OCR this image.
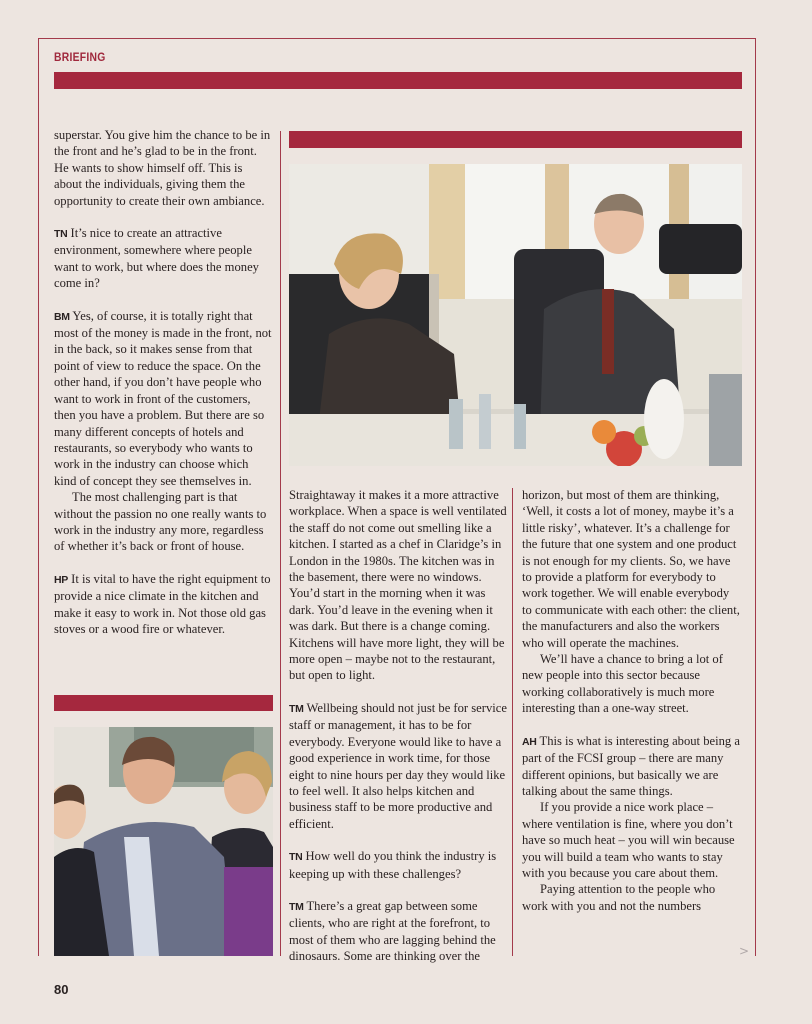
BRIEFING

superstar. You give him the chance to be in the front and he’s glad to be in the front. He wants to show himself off. This is about the individuals, giving them the opportunity to create their own ambiance.

TN It’s nice to create an attractive environment, somewhere where people want to work, but where does the money come in?

BM Yes, of course, it is totally right that most of the money is made in the front, not in the back, so it makes sense from that point of view to reduce the space. On the other hand, if you don’t have people who want to work in front of the customers, then you have a problem. But there are so many different concepts of hotels and restaurants, so everybody who wants to work in the industry can choose which kind of concept they see themselves in.

The most challenging part is that without the passion no one really wants to work in the industry any more, regardless of whether it’s back or front of house.

HP It is vital to have the right equipment to provide a nice climate in the kitchen and make it easy to work in. Not those old gas stoves or a wood fire or whatever.

Straightaway it makes it a more attractive workplace. When a space is well ventilated the staff do not come out smelling like a kitchen. I started as a chef in Claridge’s in London in the 1980s. The kitchen was in the basement, there were no windows. You’d start in the morning when it was dark. You’d leave in the evening when it was dark. But there is a change coming. Kitchens will have more light, they will be more open – maybe not to the restaurant, but open to light.

TM Wellbeing should not just be for service staff or management, it has to be for everybody. Everyone would like to have a good experience in work time, for those eight to nine hours per day they would like to feel well. It also helps kitchen and business staff to be more productive and efficient.

TN How well do you think the industry is keeping up with these challenges?

TM There’s a great gap between some clients, who are right at the forefront, to most of them who are lagging behind the dinosaurs. Some are thinking over the

horizon, but most of them are thinking, ‘Well, it costs a lot of money, maybe it’s a little risky’, whatever. It’s a challenge for the future that one system and one product is not enough for my clients. So, we have to provide a platform for everybody to work together. We will enable everybody to communicate with each other: the client, the manufacturers and also the workers who will operate the machines.

We’ll have a chance to bring a lot of new people into this sector because working collaboratively is much more interesting than a one-way street.

AH This is what is interesting about being a part of the FCSI group – there are many different opinions, but basically we are talking about the same things.

If you provide a nice work place – where ventilation is fine, where you don’t have so much heat – you will win because you will build a team who wants to stay with you because you care about them.

Paying attention to the people who work with you and not the numbers

>
80
